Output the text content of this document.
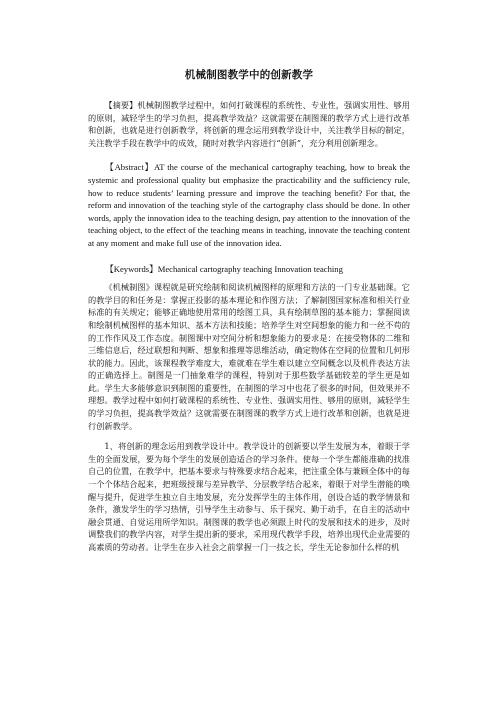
机械制图教学中的创新教学

【摘要】机械制图教学过程中，如何打破课程的系统性、专业性，强调实用性、够用的原则，减轻学生的学习负担，提高教学效益？这就需要在制图课的教学方式上进行改革和创新，也就是进行创新教学，将创新的理念运用到教学设计中，关注教学目标的制定，关注教学手段在教学中的成效，随时对教学内容进行“创新”，充分利用创新理念。

【Abstract】AT the course of the mechanical cartography teaching, how to break the systemic and professional quality but emphasize the practicability and the sufficiency rule, how to reduce students’ learning pressure and improve the teaching benefit? For that, the reform and innovation of the teaching style of the cartography class should be done. In other words, apply the innovation idea to the teaching design, pay attention to the innovation of the teaching object, to the effect of the teaching means in teaching, innovate the teaching content at any moment and make full use of the innovation idea.

【Keywords】Mechanical cartography teaching Innovation teaching

《机械制图》课程就是研究绘制和阅读机械图样的原理和方法的一门专业基础课。它的教学目的和任务是：掌握正投影的基本理论和作图方法；了解制图国家标准和相关行业标准的有关规定；能够正确地使用常用的绘图工具，具有绘制草图的基本能力；掌握阅读和绘制机械图样的基本知识、基本方法和技能；培养学生对空间想象的能力和一丝不苟的的工作作风及工作态度。制图课中对空间分析和想象能力的要求是：在接受物体的二维和三维信息后，经过联想和判断、想象和推理等思维活动，确定物体在空间的位置和几何形状的能力。因此，该课程教学难度大，难就难在学生难以建立空间概念以及机件表达方法的正确选择上。制图是一门抽象难学的课程，特别对于那些数学基础较差的学生更是如此。学生大多能够意识到制图的重要性，在制图的学习中也花了很多的时间，但效果并不理想。教学过程中如何打破课程的系统性、专业性、强调实用性、够用的原则，减轻学生的学习负担，提高教学效益？这就需要在制图课的教学方式上进行改革和创新，也就是进行创新教学。

1、将创新的理念运用到教学设计中。教学设计的创新要以学生发展为本，着眼于学生的全面发展，要为每个学生的发展创造适合的学习条件。使每一个学生都能准确的找准自己的位置，在教学中，把基本要求与特殊要求结合起来，把注重全体与兼顾全体中的每一个个体结合起来，把班级授课与差异教学、分层教学结合起来，着眼于对学生潜能的唤醒与提升，促进学生独立自主地发展，充分发挥学生的主体作用，创设合适的教学情景和条件，激发学生的学习热情，引导学生主动参与、乐于探究、勤于动手，在自主的活动中融会贯通、自觉运用所学知识。制图课的教学也必须跟上时代的发展和技术的进步，及时调整我们的教学内容，对学生提出新的要求，采用现代教学手段，培养出现代企业需要的高素质的劳动者。让学生在步入社会之前掌握一门一技之长，学生无论参加什么样的机
